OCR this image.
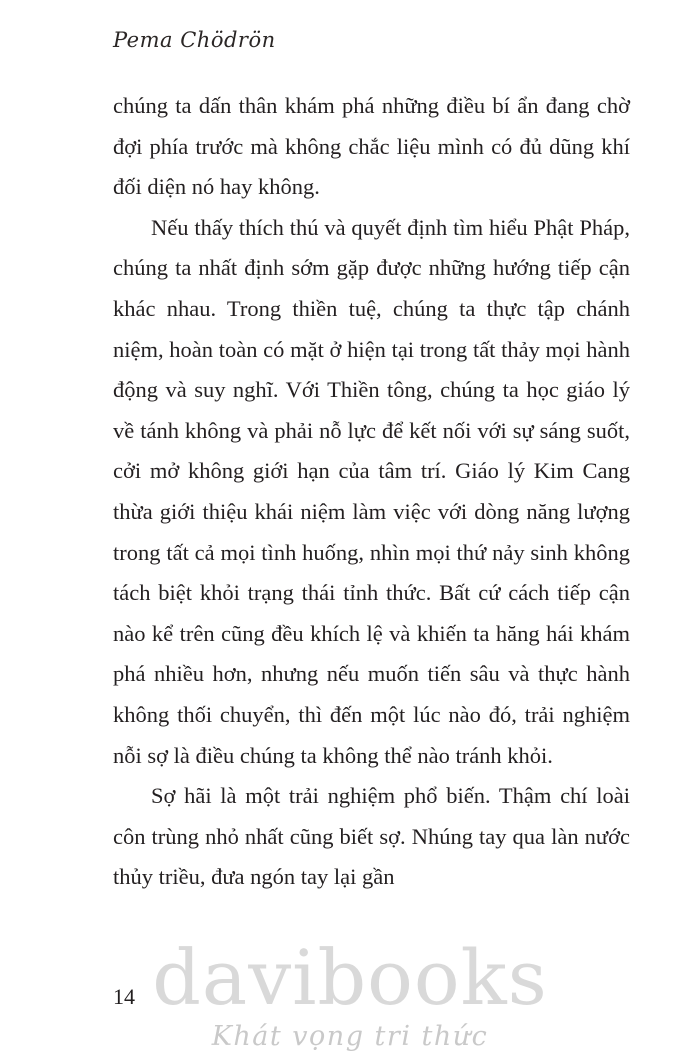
Pema Chödrön

chúng ta dấn thân khám phá những điều bí ẩn đang chờ đợi phía trước mà không chắc liệu mình có đủ dũng khí đối diện nó hay không.

Nếu thấy thích thú và quyết định tìm hiểu Phật Pháp, chúng ta nhất định sớm gặp được những hướng tiếp cận khác nhau. Trong thiền tuệ, chúng ta thực tập chánh niệm, hoàn toàn có mặt ở hiện tại trong tất thảy mọi hành động và suy nghĩ. Với Thiền tông, chúng ta học giáo lý về tánh không và phải nỗ lực để kết nối với sự sáng suốt, cởi mở không giới hạn của tâm trí. Giáo lý Kim Cang thừa giới thiệu khái niệm làm việc với dòng năng lượng trong tất cả mọi tình huống, nhìn mọi thứ nảy sinh không tách biệt khỏi trạng thái tỉnh thức. Bất cứ cách tiếp cận nào kể trên cũng đều khích lệ và khiến ta hăng hái khám phá nhiều hơn, nhưng nếu muốn tiến sâu và thực hành không thối chuyển, thì đến một lúc nào đó, trải nghiệm nỗi sợ là điều chúng ta không thể nào tránh khỏi.

Sợ hãi là một trải nghiệm phổ biến. Thậm chí loài côn trùng nhỏ nhất cũng biết sợ. Nhúng tay qua làn nước thủy triều, đưa ngón tay lại gần

14 davibooks
Khát vọng tri thức
